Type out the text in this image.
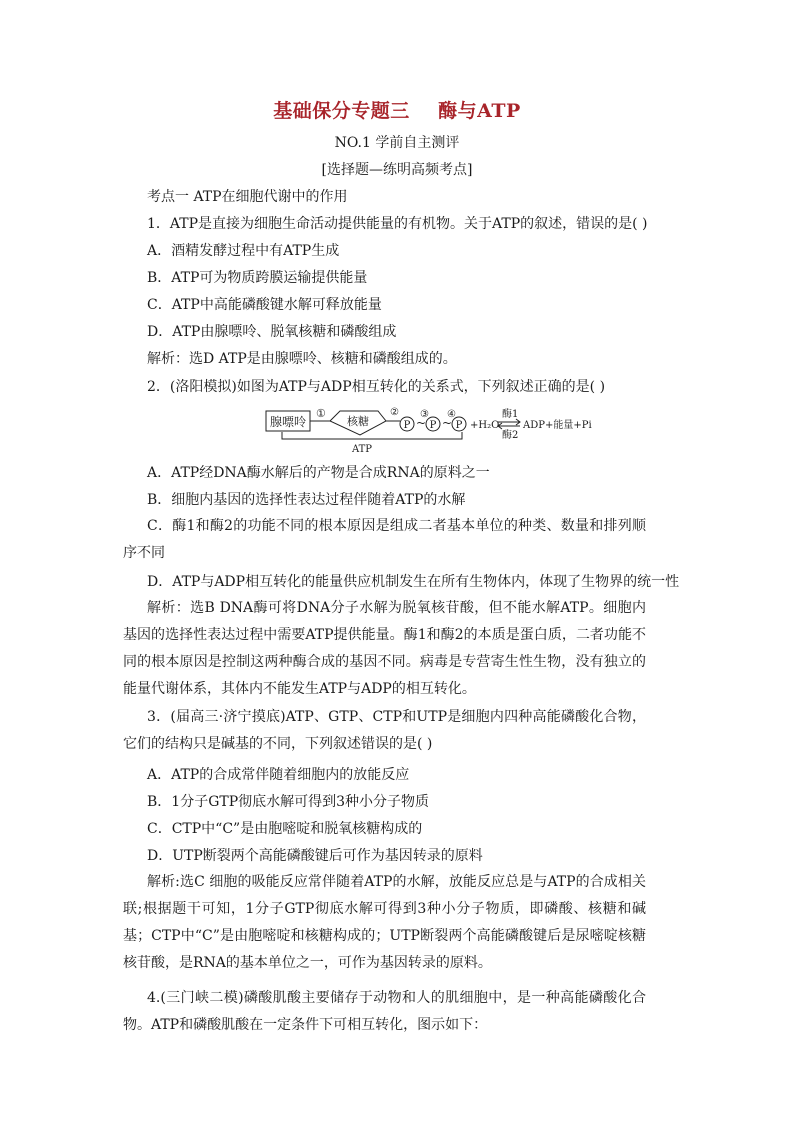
基础保分专题三    酶与ATP
NO.1 学前自主测评
[选择题—练明高频考点]
考点一 ATP在细胞代谢中的作用
1．ATP是直接为细胞生命活动提供能量的有机物。关于ATP的叙述，错误的是( )
A．酒精发酵过程中有ATP生成
B．ATP可为物质跨膜运输提供能量
C．ATP中高能磷酸键水解可释放能量
D．ATP由腺嘌呤、脱氧核糖和磷酸组成
解析：选D ATP是由腺嘌呤、核糖和磷酸组成的。
2．(洛阳模拟)如图为ATP与ADP相互转化的关系式，下列叙述正确的是( )
腺嘌呤
①
核糖
②
P ~
③
P ~
④
P +H₂O
酶1
酶2
ADP+能量+Pi
ATP
A．ATP经DNA酶水解后的产物是合成RNA的原料之一
B．细胞内基因的选择性表达过程伴随着ATP的水解
C．酶1和酶2的功能不同的根本原因是组成二者基本单位的种类、数量和排列顺序不同
D．ATP与ADP相互转化的能量供应机制发生在所有生物体内，体现了生物界的统一性
解析：选B DNA酶可将DNA分子水解为脱氧核苷酸，但不能水解ATP。细胞内基因的选择性表达过程中需要ATP提供能量。酶1和酶2的本质是蛋白质，二者功能不同的根本原因是控制这两种酶合成的基因不同。病毒是专营寄生性生物，没有独立的能量代谢体系，其体内不能发生ATP与ADP的相互转化。
3．(届高三·济宁摸底)ATP、GTP、CTP和UTP是细胞内四种高能磷酸化合物，它们的结构只是碱基的不同，下列叙述错误的是( )
A．ATP的合成常伴随着细胞内的放能反应
B．1分子GTP彻底水解可得到3种小分子物质
C．CTP中“C”是由胞嘧啶和脱氧核糖构成的
D．UTP断裂两个高能磷酸键后可作为基因转录的原料
解析:选C 细胞的吸能反应常伴随着ATP的水解，放能反应总是与ATP的合成相关联;根据题干可知，1分子GTP彻底水解可得到3种小分子物质，即磷酸、核糖和碱基；CTP中“C”是由胞嘧啶和核糖构成的；UTP断裂两个高能磷酸键后是尿嘧啶核糖核苷酸，是RNA的基本单位之一，可作为基因转录的原料。
4.(三门峡二模)磷酸肌酸主要储存于动物和人的肌细胞中，是一种高能磷酸化合物。ATP和磷酸肌酸在一定条件下可相互转化，图示如下：
